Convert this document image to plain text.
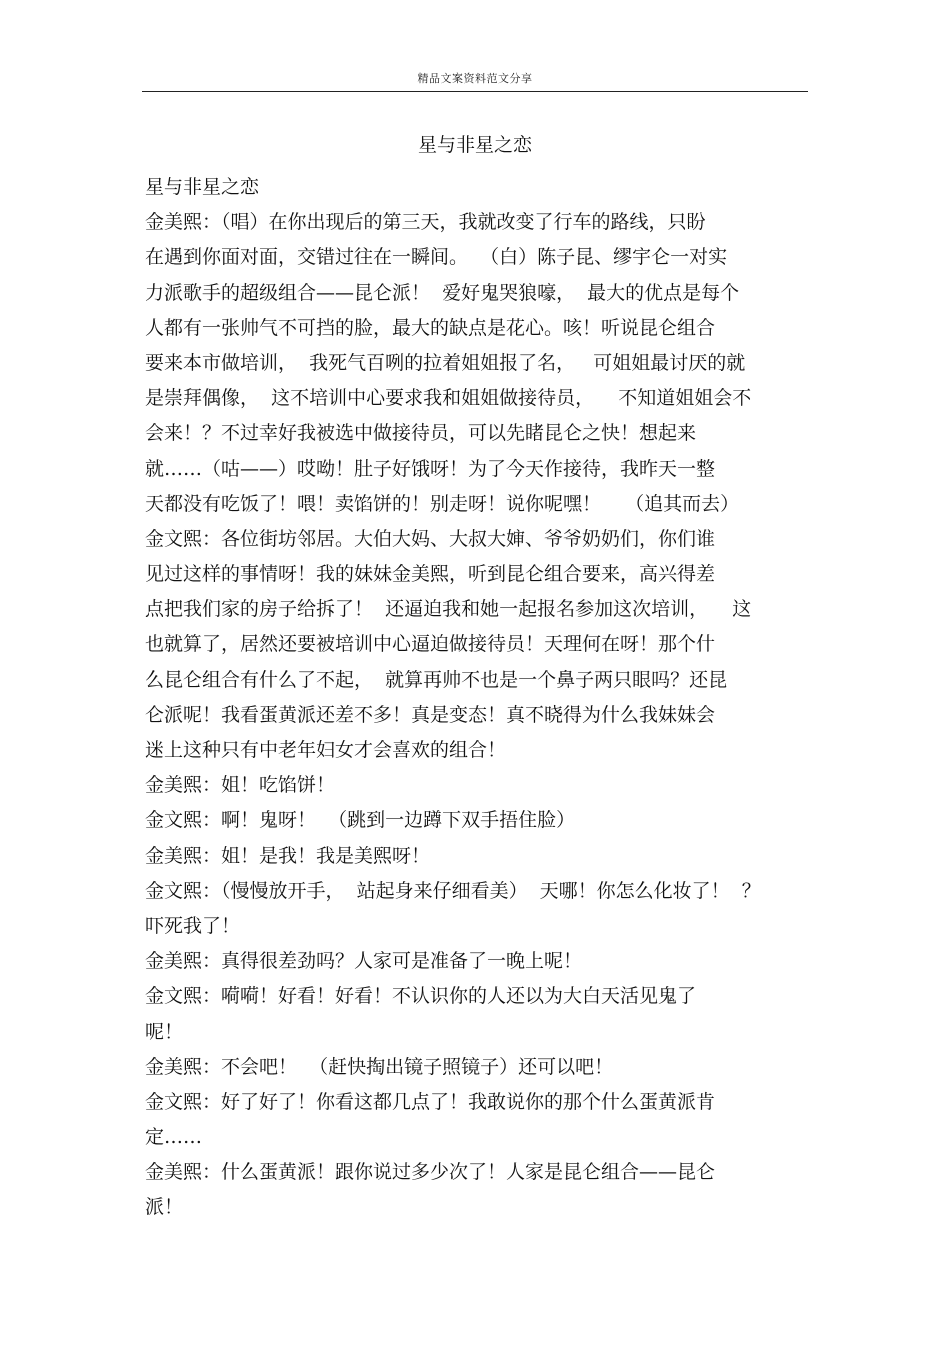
精品文案资料范文分享
星与非星之恋
星与非星之恋
金美熙：（唱）在你出现后的第三天，我就改变了行车的路线，只盼
在遇到你面对面，交错过往在一瞬间。  （白）陈子昆、缪宇仑一对实
力派歌手的超级组合——昆仑派！  爱好鬼哭狼嚎，  最大的优点是每个
人都有一张帅气不可挡的脸，最大的缺点是花心。咳！听说昆仑组合
要来本市做培训，  我死气百咧的拉着姐姐报了名，   可姐姐最讨厌的就
是崇拜偶像，  这不培训中心要求我和姐姐做接待员，    不知道姐姐会不
会来！？不过幸好我被选中做接待员，可以先睹昆仑之快！想起来
就……（咕——）哎呦！肚子好饿呀！为了今天作接待，我昨天一整
天都没有吃饭了！喂！卖馅饼的！别走呀！说你呢嘿！    （追其而去）
金文熙：各位街坊邻居。大伯大妈、大叔大婶、爷爷奶奶们，你们谁
见过这样的事情呀！我的妹妹金美熙，听到昆仑组合要来，高兴得差
点把我们家的房子给拆了！  还逼迫我和她一起报名参加这次培训，    这
也就算了，居然还要被培训中心逼迫做接待员！天理何在呀！那个什
么昆仑组合有什么了不起，  就算再帅不也是一个鼻子两只眼吗？还昆
仑派呢！我看蛋黄派还差不多！真是变态！真不晓得为什么我妹妹会
迷上这种只有中老年妇女才会喜欢的组合！
金美熙：姐！吃馅饼！
金文熙：啊！鬼呀！  （跳到一边蹲下双手捂住脸）
金美熙：姐！是我！我是美熙呀！
金文熙：（慢慢放开手，  站起身来仔细看美）  天哪！你怎么化妆了！  ？
吓死我了！
金美熙：真得很差劲吗？人家可是准备了一晚上呢！
金文熙：嗬嗬！好看！好看！不认识你的人还以为大白天活见鬼了
呢！
金美熙：不会吧！  （赶快掏出镜子照镜子）还可以吧！
金文熙：好了好了！你看这都几点了！我敢说你的那个什么蛋黄派肯
定……
金美熙：什么蛋黄派！跟你说过多少次了！人家是昆仑组合——昆仑
派！
